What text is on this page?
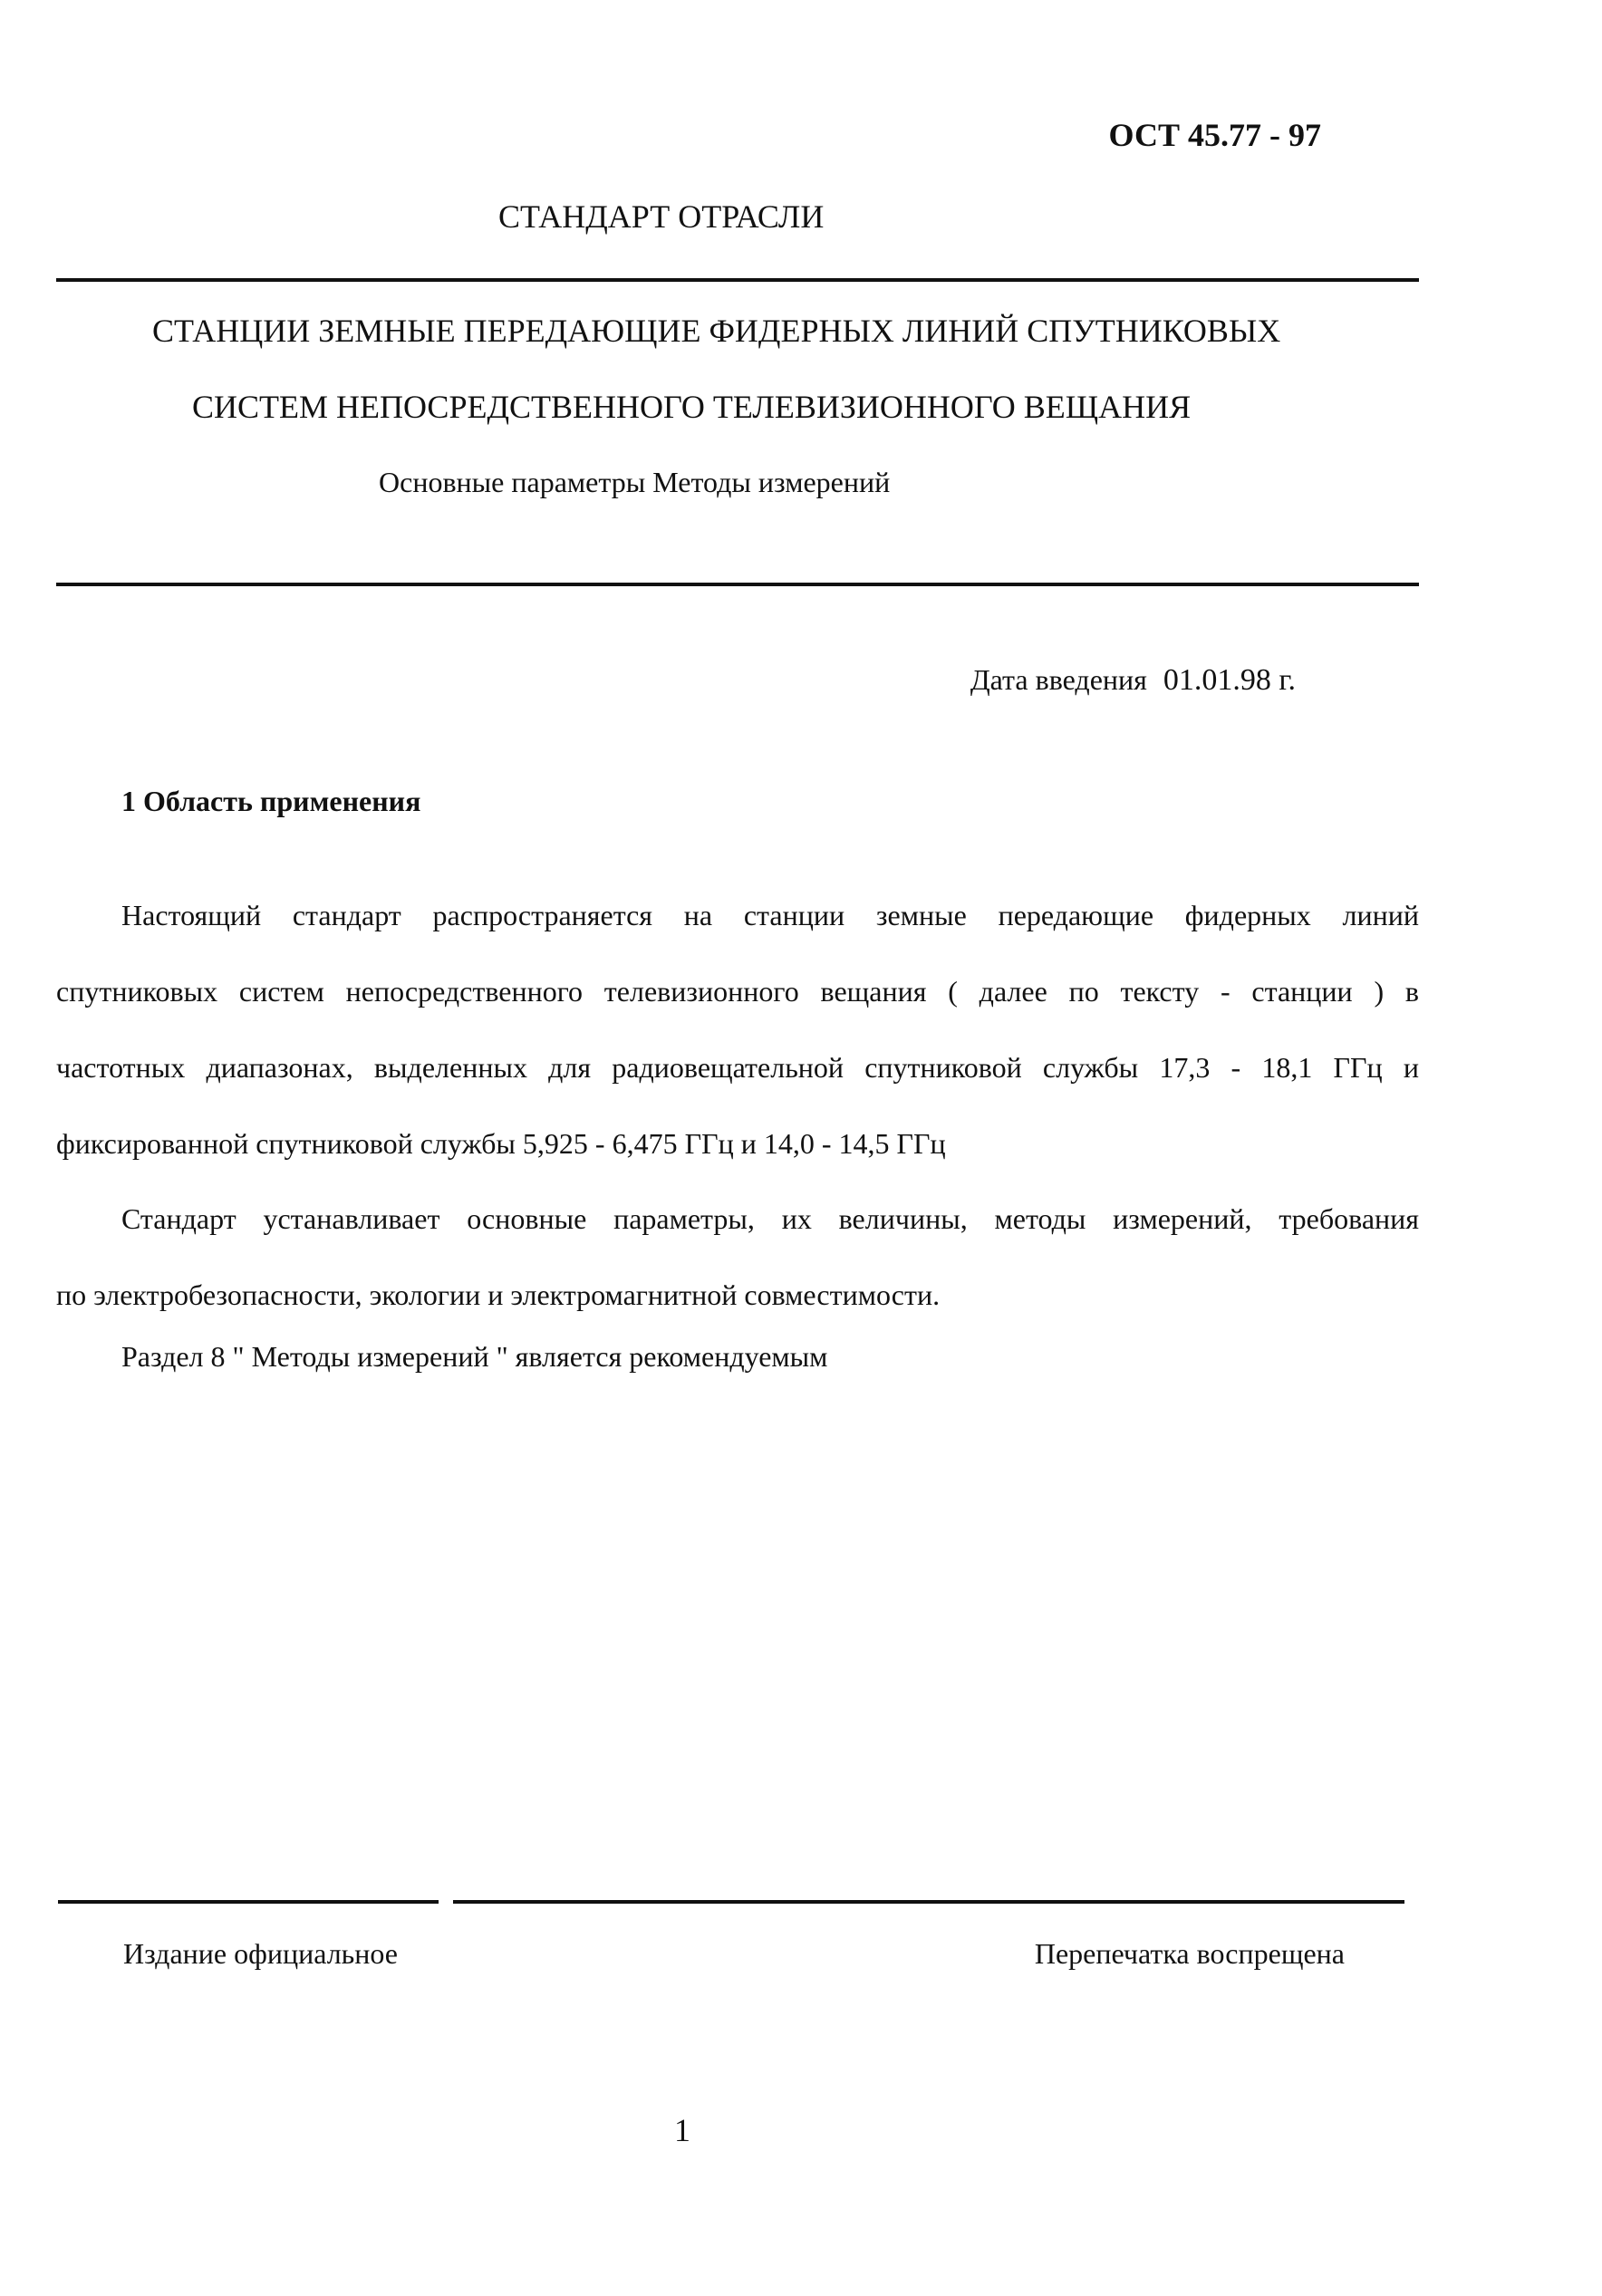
ОСТ 45.77 - 97
СТАНДАРТ ОТРАСЛИ
СТАНЦИИ ЗЕМНЫЕ ПЕРЕДАЮЩИЕ ФИДЕРНЫХ ЛИНИЙ СПУТНИКОВЫХ
СИСТЕМ НЕПОСРЕДСТВЕННОГО ТЕЛЕВИЗИОННОГО ВЕЩАНИЯ
Основные параметры Методы измерений
Дата введения 01.01.98 г.
1 Область применения
Настоящий стандарт распространяется на станции земные передающие фидерных линий
спутниковых систем непосредственного телевизионного вещания ( далее по тексту - станции ) в
частотных диапазонах, выделенных для радиовещательной спутниковой службы 17,3 - 18,1 ГГц и
фиксированной спутниковой службы 5,925 - 6,475 ГГц и 14,0 - 14,5 ГГц
Стандарт устанавливает основные параметры, их величины, методы измерений, требования
по электробезопасности, экологии и электромагнитной совместимости.
Раздел 8 " Методы измерений " является рекомендуемым
Издание официальное	Перепечатка воспрещена
1
